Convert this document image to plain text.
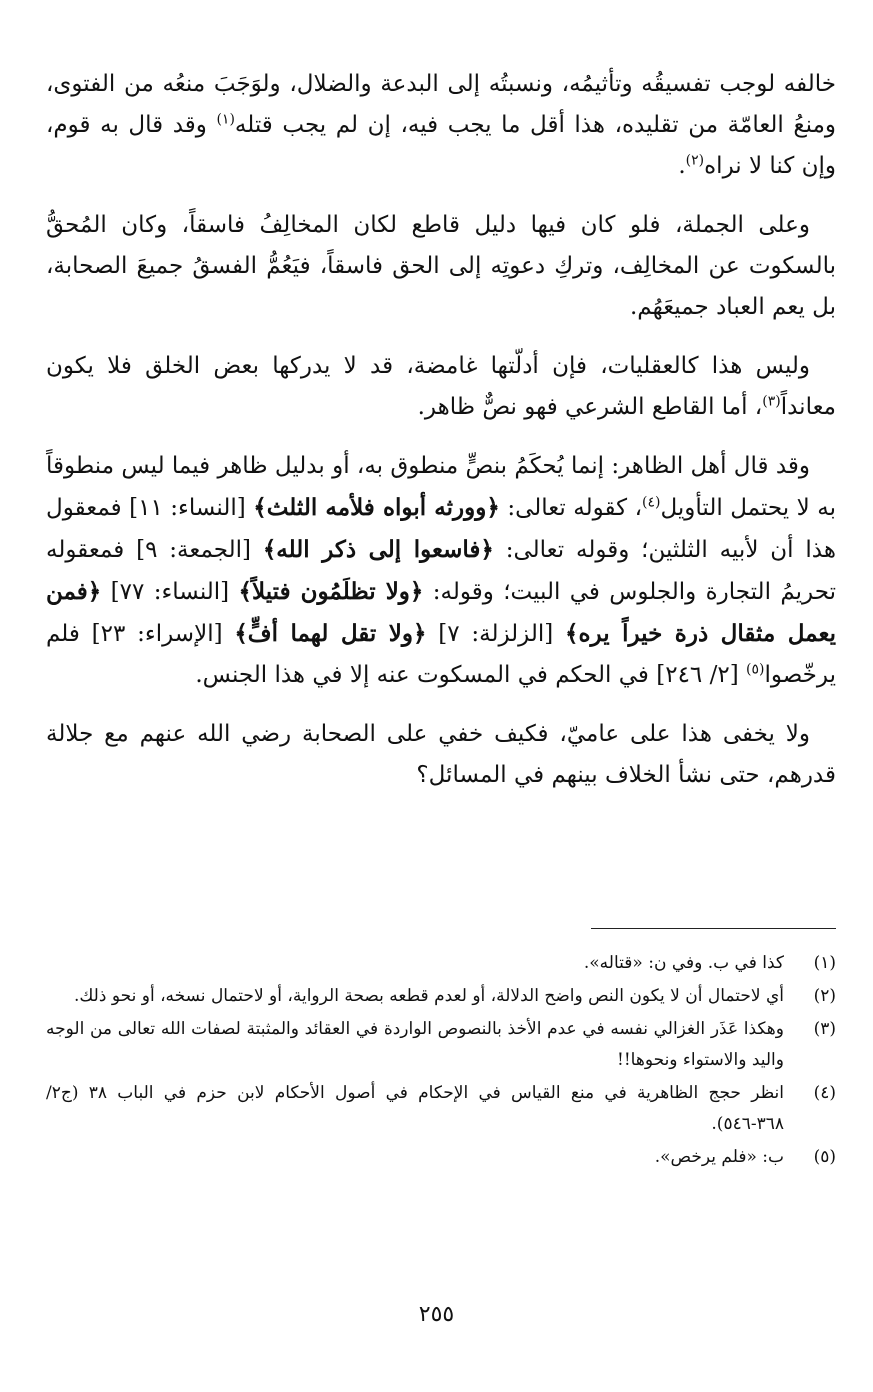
خالفه لوجب تفسيقُه وتأثيمُه، ونسبتُه إلى البدعة والضلال، ولوَجَبَ منعُه من الفتوى، ومنعُ العامّة من تقليده، هذا أقل ما يجب فيه، إن لم يجب قتله$^{(١)}$ وقد قال به قوم، وإن كنا لا نراه$^{(٢)}$.

وعلى الجملة، فلو كان فيها دليل قاطع لكان المخالِفُ فاسقاً، وكان المُحقُّ بالسكوت عن المخالِف، وتركِ دعوتِه إلى الحق فاسقاً، فيَعُمُّ الفسقُ جميعَ الصحابة، بل يعم العباد جميعَهُم.

وليس هذا كالعقليات، فإن أدلّتها غامضة، قد لا يدركها بعض الخلق فلا يكون معانداً$^{(٣)}$، أما القاطع الشرعي فهو نصٌّ ظاهر.

وقد قال أهل الظاهر: إنما يُحكَمُ بنصٍّ منطوق به، أو بدليل ظاهر فيما ليس منطوقاً به لا يحتمل التأويل$^{(٤)}$، كقوله تعالى: ﴿وورثه أبواه فلأمه الثلث﴾ [النساء: ١١] فمعقول هذا أن لأبيه الثلثين؛ وقوله تعالى: ﴿فاسعوا إلى ذكر الله﴾ [الجمعة: ٩] فمعقوله تحريمُ التجارة والجلوس في البيت؛ وقوله: ﴿ولا تظلَمُون فتيلاً﴾ [النساء: ٧٧] ﴿فمن يعمل مثقال ذرة خيراً يره﴾ [الزلزلة: ٧] ﴿ولا تقل لهما أفٍّ﴾ [الإسراء: ٢٣] فلم يرخّصوا$^{(٥)}$ [٢/ ٢٤٦] في الحكم في المسكوت عنه إلا في هذا الجنس.

ولا يخفى هذا على عاميّ، فكيف خفي على الصحابة رضي الله عنهم مع جلالة قدرهم، حتى نشأ الخلاف بينهم في المسائل؟

(١)
كذا في ب. وفي ن: «قتاله».
(٢)
أي لاحتمال أن لا يكون النص واضح الدلالة، أو لعدم قطعه بصحة الرواية، أو لاحتمال نسخه، أو نحو ذلك.
(٣)
وهكذا عَذَر الغزالي نفسه في عدم الأخذ بالنصوص الواردة في العقائد والمثبتة لصفات الله تعالى من الوجه واليد والاستواء ونحوها!!
(٤)
انظر حجج الظاهرية في منع القياس في الإحكام في أصول الأحكام لابن حزم في الباب ٣٨ (ج٢/ ٣٦٨-٥٤٦).
(٥)
ب: «فلم يرخص».
٢٥٥
